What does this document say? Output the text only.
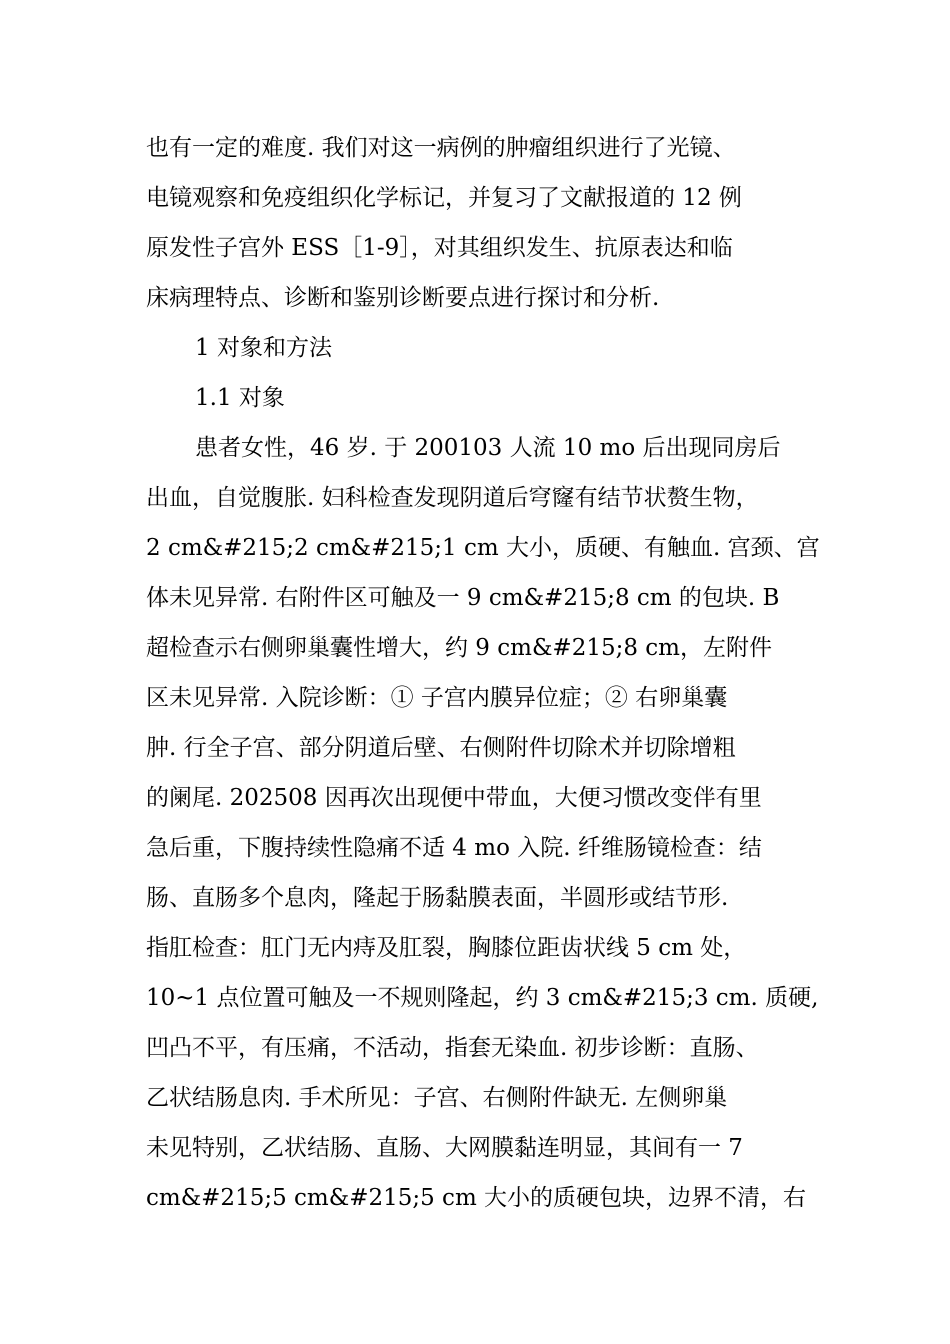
也有一定的难度. 我们对这一病例的肿瘤组织进行了光镜、
电镜观察和免疫组织化学标记，并复习了文献报道的 12 例
原发性子宫外 ESS［1-9］，对其组织发生、抗原表达和临
床病理特点、诊断和鉴别诊断要点进行探讨和分析.
1 对象和方法
1.1 对象
患者女性，46 岁. 于 200103 人流 10 mo 后出现同房后
出血，自觉腹胀. 妇科检查发现阴道后穹窿有结节状赘生物，
2 cm&#215;2 cm&#215;1 cm 大小，质硬、有触血. 宫颈、宫
体未见异常. 右附件区可触及一 9 cm&#215;8 cm 的包块. B
超检查示右侧卵巢囊性增大，约 9 cm&#215;8 cm，左附件
区未见异常. 入院诊断：① 子宫内膜异位症；② 右卵巢囊
肿. 行全子宫、部分阴道后壁、右侧附件切除术并切除增粗
的阑尾. 202508 因再次出现便中带血，大便习惯改变伴有里
急后重，下腹持续性隐痛不适 4 mo 入院. 纤维肠镜检查：结
肠、直肠多个息肉，隆起于肠黏膜表面，半圆形或结节形.
指肛检查：肛门无内痔及肛裂，胸膝位距齿状线 5 cm 处，
10~1 点位置可触及一不规则隆起，约 3 cm&#215;3 cm. 质硬,
凹凸不平，有压痛，不活动，指套无染血. 初步诊断：直肠、
乙状结肠息肉. 手术所见：子宫、右侧附件缺无. 左侧卵巢
未见特别，乙状结肠、直肠、大网膜黏连明显，其间有一 7
cm&#215;5 cm&#215;5 cm 大小的质硬包块，边界不清，右
